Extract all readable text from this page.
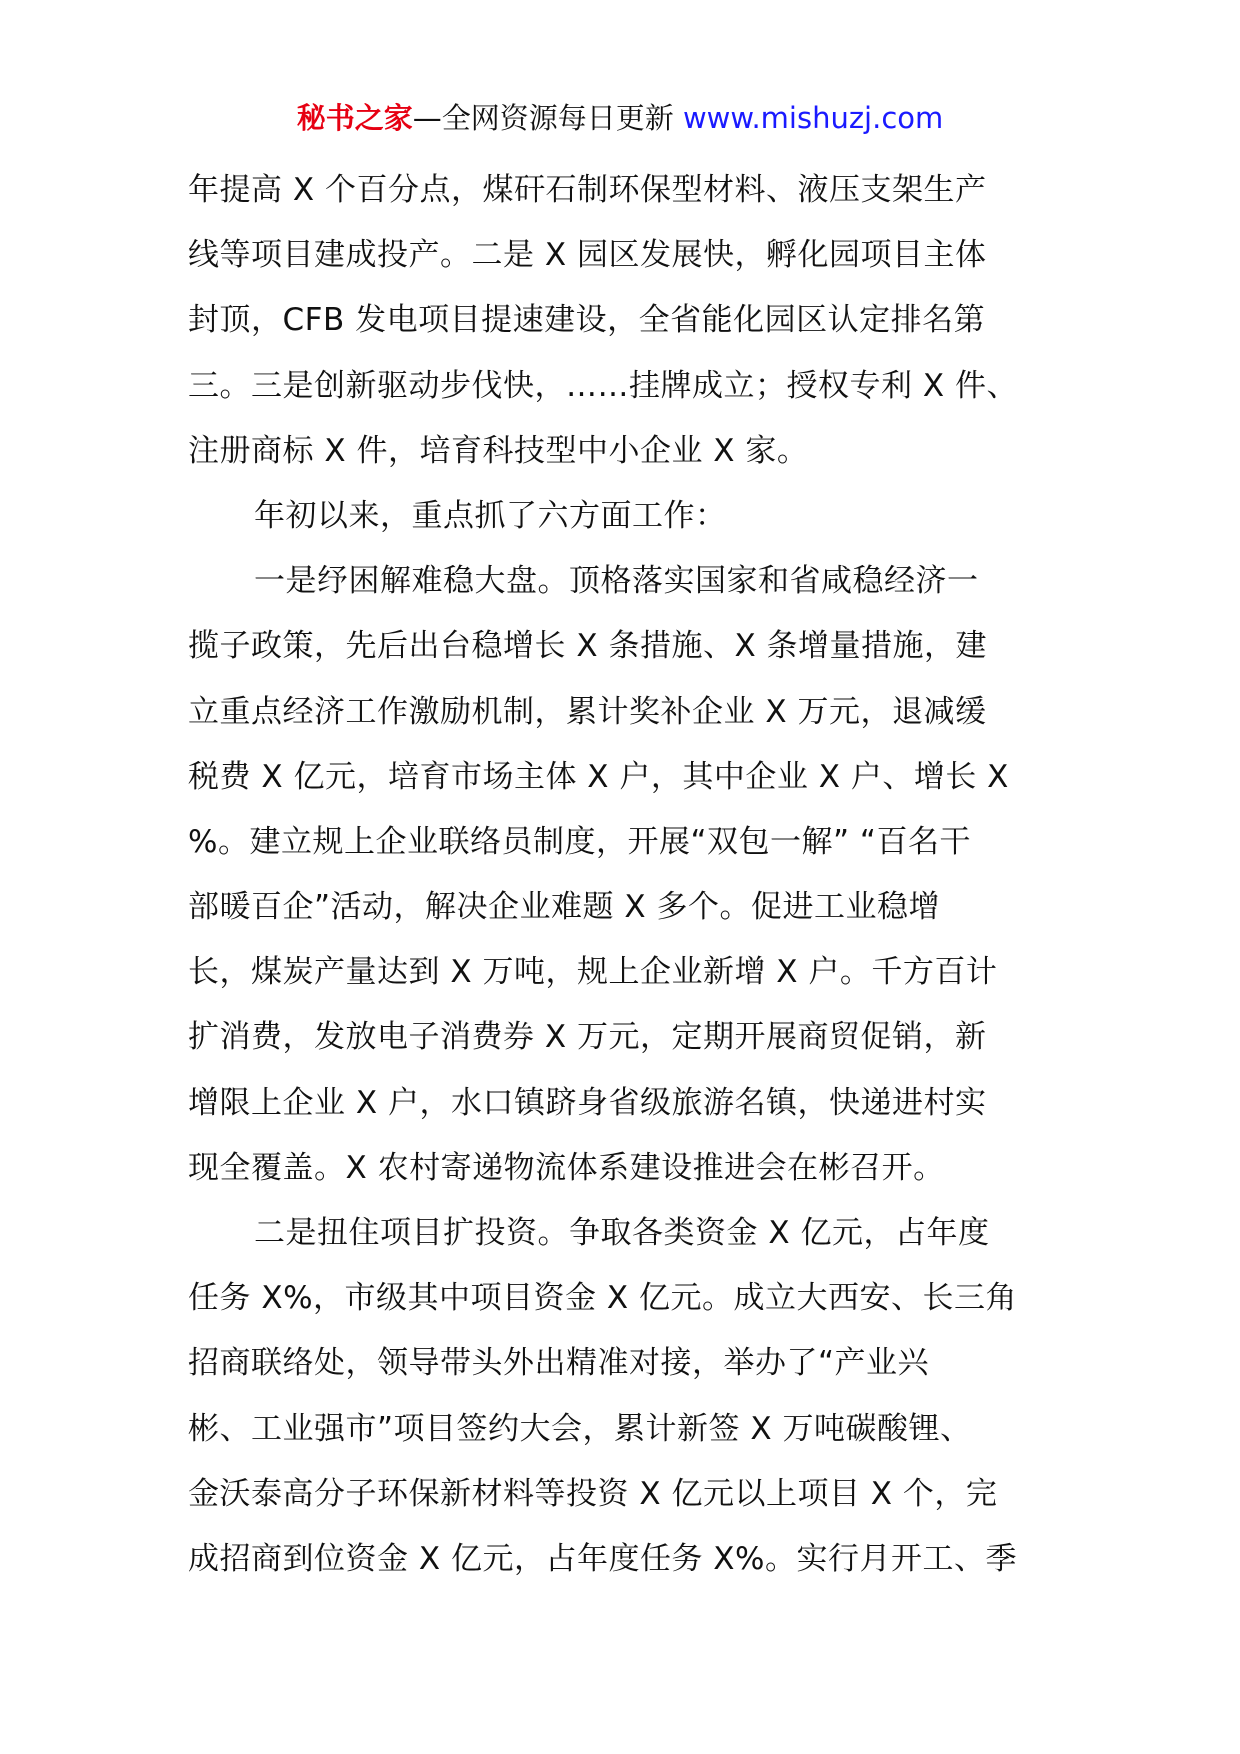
秘书之家—全网资源每日更新 www.mishuzj.com
年提高 X 个百分点，煤矸石制环保型材料、液压支架生产
线等项目建成投产。二是 X 园区发展快，孵化园项目主体
封顶，CFB 发电项目提速建设，全省能化园区认定排名第
三。三是创新驱动步伐快，……挂牌成立；授权专利 X 件、
注册商标 X 件，培育科技型中小企业 X 家。
年初以来，重点抓了六方面工作：
一是纾困解难稳大盘。顶格落实国家和省咸稳经济一
揽子政策，先后出台稳增长 X 条措施、X 条增量措施，建
立重点经济工作激励机制，累计奖补企业 X 万元，退减缓
税费 X 亿元，培育市场主体 X 户，其中企业 X 户、增长 X
%。建立规上企业联络员制度，开展“双包一解” “百名干
部暖百企”活动，解决企业难题 X 多个。促进工业稳增
长，煤炭产量达到 X 万吨，规上企业新增 X 户。千方百计
扩消费，发放电子消费券 X 万元，定期开展商贸促销，新
增限上企业 X 户，水口镇跻身省级旅游名镇，快递进村实
现全覆盖。X 农村寄递物流体系建设推进会在彬召开。
二是扭住项目扩投资。争取各类资金 X 亿元，占年度
任务 X%，市级其中项目资金 X 亿元。成立大西安、长三角
招商联络处，领导带头外出精准对接，举办了“产业兴
彬、工业强市”项目签约大会，累计新签 X 万吨碳酸锂、
金沃泰高分子环保新材料等投资 X 亿元以上项目 X 个，完
成招商到位资金 X 亿元，占年度任务 X%。实行月开工、季
